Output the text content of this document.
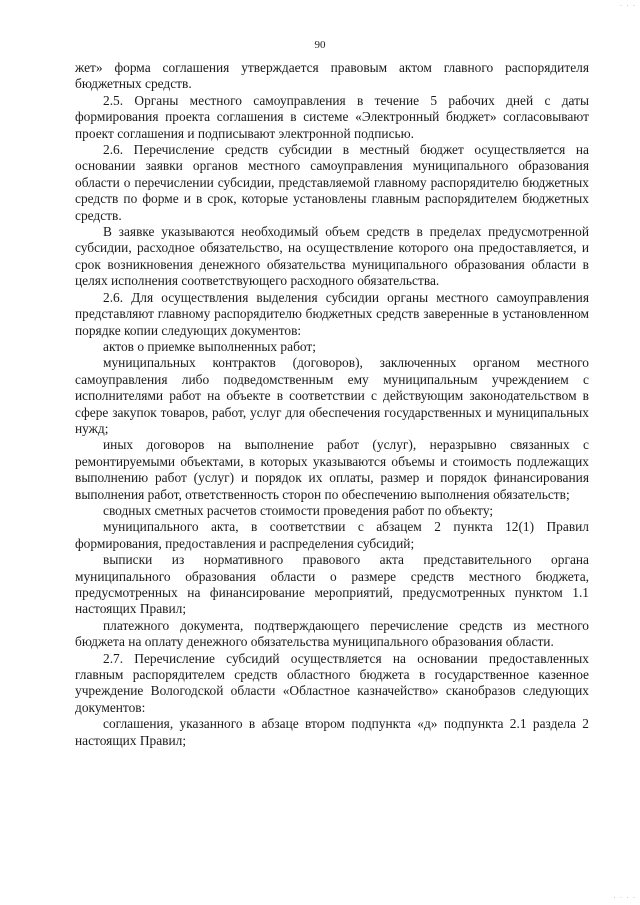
· · ·
90

жет» форма соглашения утверждается правовым актом главного распорядителя бюджетных средств.

2.5. Органы местного самоуправления в течение 5 рабочих дней с даты формирования проекта соглашения в системе «Электронный бюджет» согласовывают проект соглашения и подписывают электронной подписью.

2.6. Перечисление средств субсидии в местный бюджет осуществляется на основании заявки органов местного самоуправления муниципального образования области о перечислении субсидии, представляемой главному распорядителю бюджетных средств по форме и в срок, которые установлены главным распорядителем бюджетных средств.

В заявке указываются необходимый объем средств в пределах предусмотренной субсидии, расходное обязательство, на осуществление которого она предоставляется, и срок возникновения денежного обязательства муниципального образования области в целях исполнения соответствующего расходного обязательства.

2.6. Для осуществления выделения субсидии органы местного самоуправления представляют главному распорядителю бюджетных средств заверенные в установленном порядке копии следующих документов:

актов о приемке выполненных работ;

муниципальных контрактов (договоров), заключенных органом местного самоуправления либо подведомственным ему муниципальным учреждением с исполнителями работ на объекте в соответствии с действующим законодательством в сфере закупок товаров, работ, услуг для обеспечения государственных и муниципальных нужд;

иных договоров на выполнение работ (услуг), неразрывно связанных с ремонтируемыми объектами, в которых указываются объемы и стоимость подлежащих выполнению работ (услуг) и порядок их оплаты, размер и порядок финансирования выполнения работ, ответственность сторон по обеспечению выполнения обязательств;

сводных сметных расчетов стоимости проведения работ по объекту;

муниципального акта, в соответствии с абзацем 2 пункта 12(1) Правил формирования, предоставления и распределения субсидий;

выписки из нормативного правового акта представительного органа муниципального образования области о размере средств местного бюджета, предусмотренных на финансирование мероприятий, предусмотренных пунктом 1.1 настоящих Правил;

платежного документа, подтверждающего перечисление средств из местного бюджета на оплату денежного обязательства муниципального образования области.

2.7. Перечисление субсидий осуществляется на основании предоставленных главным распорядителем средств областного бюджета в государственное казенное учреждение Вологодской области «Областное казначейство» сканобразов следующих документов:

соглашения, указанного в абзаце втором подпункта «д» подпункта 2.1 раздела 2 настоящих Правил;

· · · ·
